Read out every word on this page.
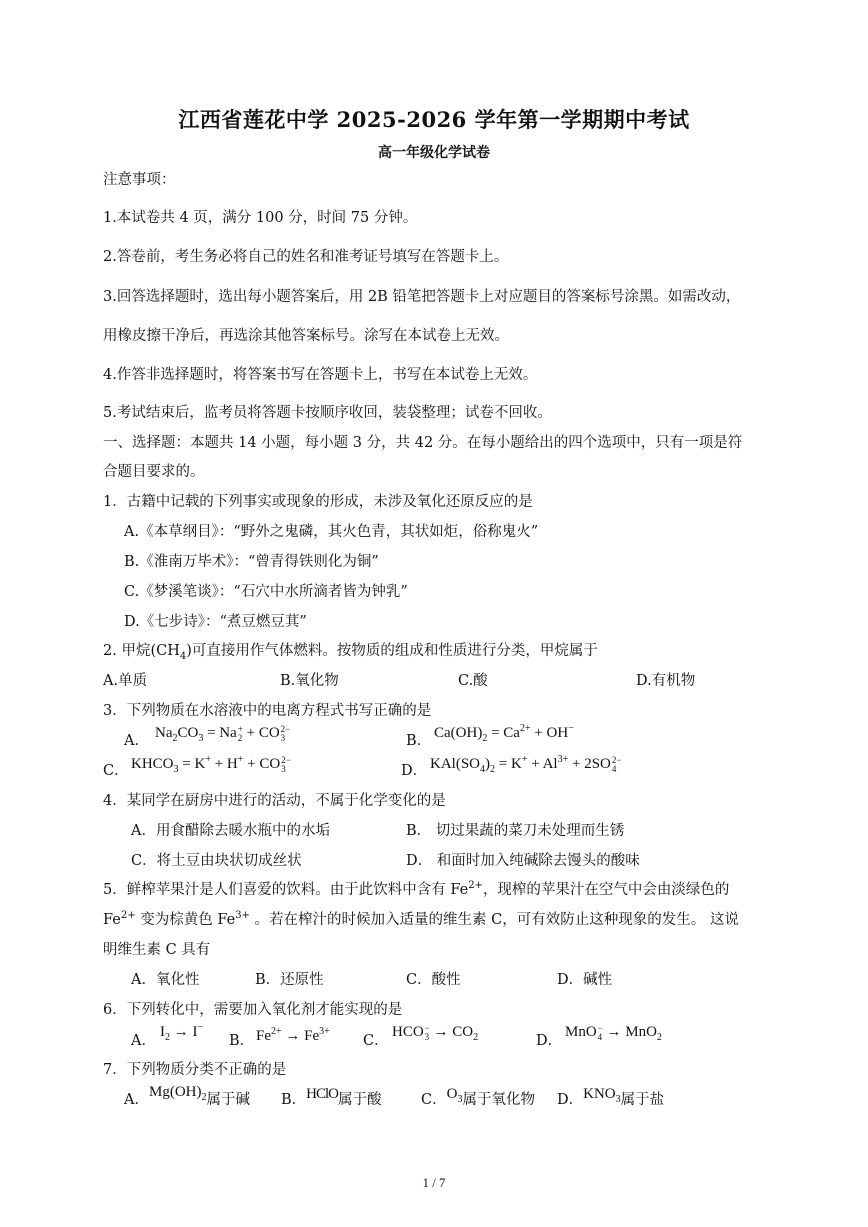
江西省莲花中学 2025-2026 学年第一学期期中考试
高一年级化学试卷
注意事项：
1.本试卷共 4 页，满分 100 分，时间 75 分钟。
2.答卷前，考生务必将自己的姓名和准考证号填写在答题卡上。
3.回答选择题时，选出每小题答案后，用 2B 铅笔把答题卡上对应题目的答案标号涂黑。如需改动，
用橡皮擦干净后，再选涂其他答案标号。涂写在本试卷上无效。
4.作答非选择题时，将答案书写在答题卡上，书写在本试卷上无效。
5.考试结束后，监考员将答题卡按顺序收回，装袋整理；试卷不回收。
一、选择题：本题共 14 小题，每小题 3 分，共 42 分。在每小题给出的四个选项中，只有一项是符
合题目要求的。
1．古籍中记载的下列事实或现象的形成，未涉及氧化还原反应的是
A.《本草纲目》：“野外之鬼磷，其火色青，其状如炬，俗称鬼火”
B.《淮南万毕术》：“曾青得铁则化为铜”
C.《梦溪笔谈》：“石穴中水所滴者皆为钟乳”
D.《七步诗》：“煮豆燃豆萁”
2. 甲烷$(CH_4)$可直接用作气体燃料。按物质的组成和性质进行分类，甲烷属于
A.单质	B.氧化物	C.酸	D.有机物
3．下列物质在水溶液中的电离方程式书写正确的是
A． $Na_2CO_3 = Na$ +
2 + CO 2−
3	B． $Ca(OH)_2 = Ca^{2+} + OH^-$
C． $KHCO_3 = K^+ + H^+$ + CO 2−
3	D． $KAl(SO_4)_2 = K^+ + Al^{3+} + 2SO$ 2−
4
4．某同学在厨房中进行的活动，不属于化学变化的是
A．用食醋除去暖水瓶中的水垢	B． 切过果蔬的菜刀未处理而生锈
C．将土豆由块状切成丝状	D． 和面时加入纯碱除去馒头的酸味
5．鲜榨苹果汁是人们喜爱的饮料。由于此饮料中含有 $Fe^{2+}$，现榨的苹果汁在空气中会由淡绿色的
$Fe^{2+}$ 变为棕黄色 $Fe^{3+}$ 。若在榨汁的时候加入适量的维生素 C，可有效防止这种现象的发生。 这说
明维生素 C 具有
A．氧化性	B．还原性	C．酸性	D．碱性
6．下列转化中，需要加入氧化剂才能实现的是
A．
$I_2 \to I^-$
B． $Fe^{2+} \to Fe^{3+}$
C．
HCO −
$3 \to CO_2$	D．
MnO −
4 → MnO$_2$
7．下列物质分类不正确的是
A．$Mg(OH)_2$属于碱 B．HClO属于酸	C．$O_3$属于氧化物 D．$KNO_3$属于盐
1 / 7
